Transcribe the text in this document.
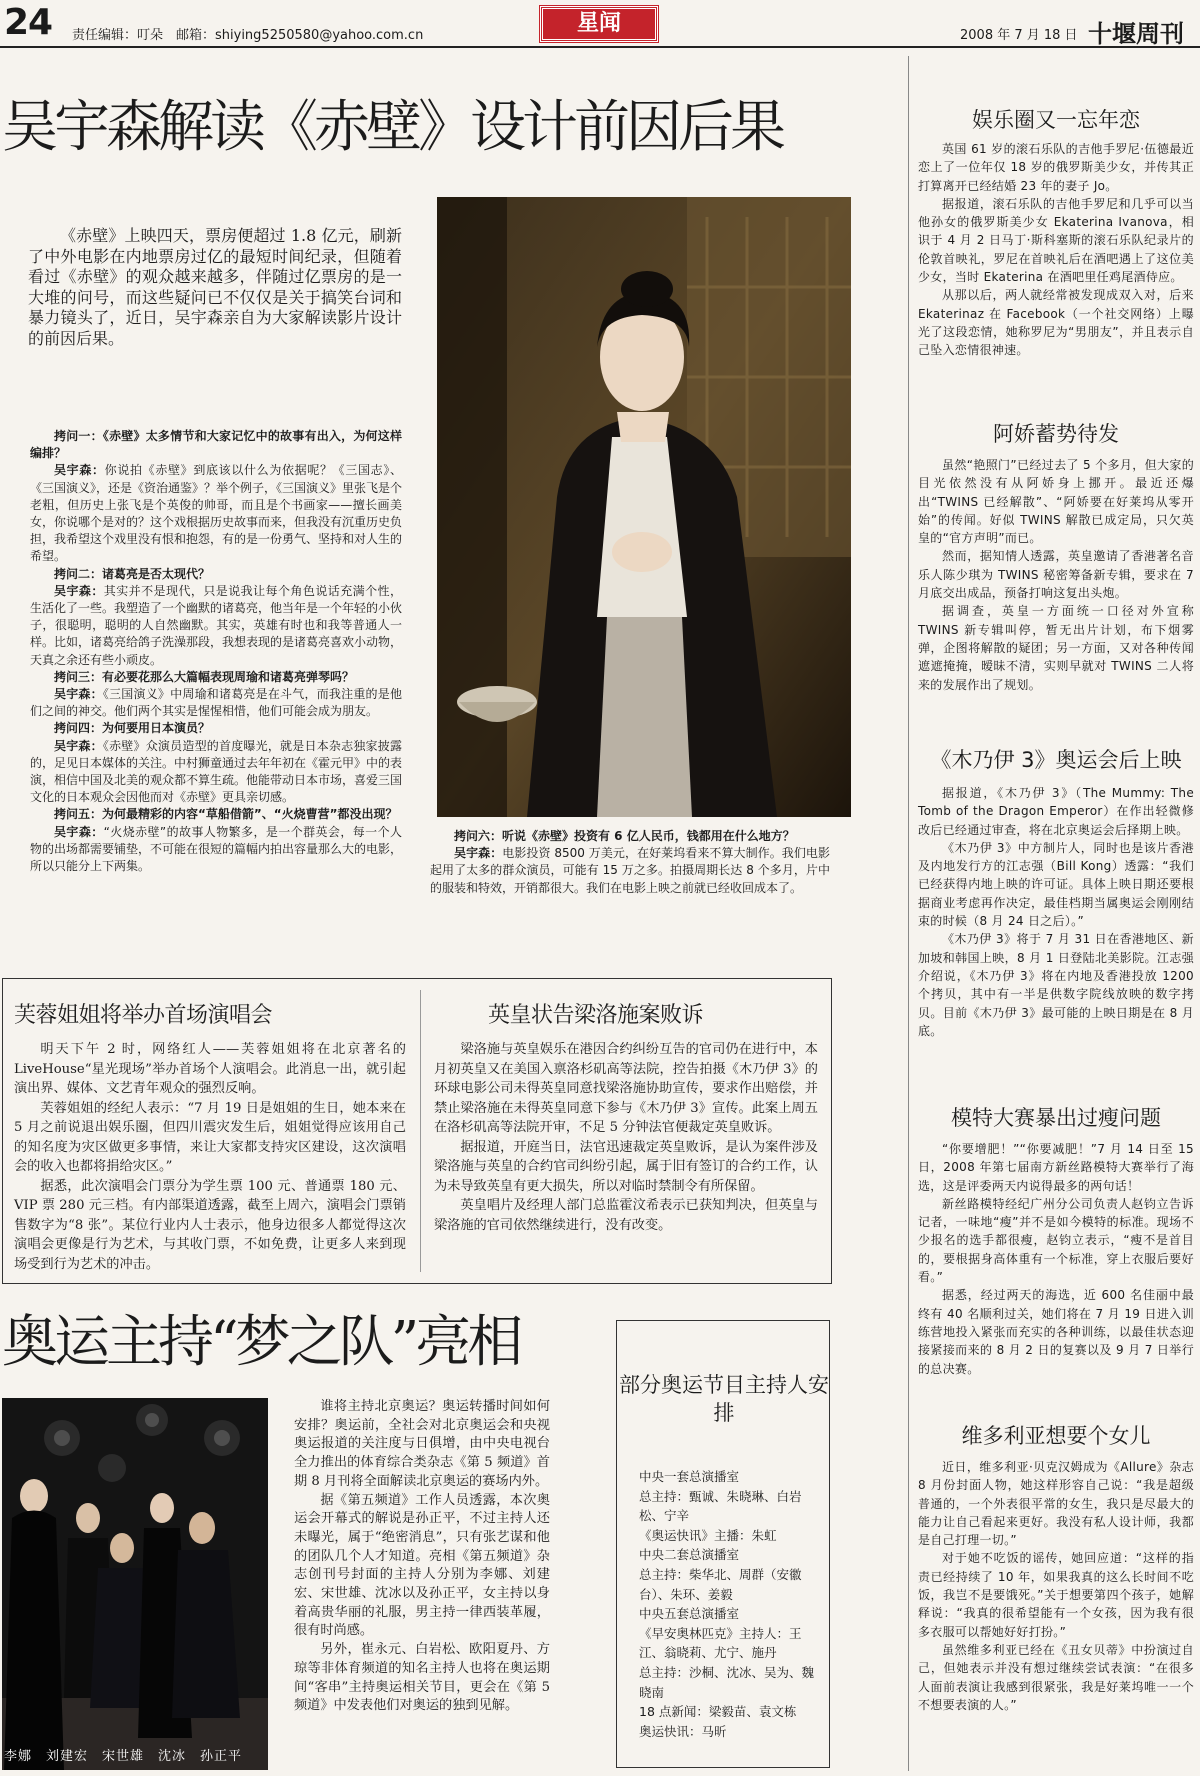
24 责任编辑：叮朵　邮箱：shiying5250580@yahoo.com.cn	星闻	2008 年 7 月 18 日 十堰周刊
吴宇森解读《赤壁》设计前因后果

《赤壁》上映四天，票房便超过 1.8 亿元，刷新了中外电影在内地票房过亿的最短时间纪录，但随着看过《赤壁》的观众越来越多，伴随过亿票房的是一大堆的问号，而这些疑问已不仅仅是关于搞笑台词和暴力镜头了，近日，吴宇森亲自为大家解读影片设计的前因后果。

拷问一：《赤壁》太多情节和大家记忆中的故事有出入，为何这样编排？

吴宇森：你说拍《赤壁》到底该以什么为依据呢？《三国志》、《三国演义》，还是《资治通鉴》？举个例子，《三国演义》里张飞是个老粗，但历史上张飞是个英俊的帅哥，而且是个书画家——擅长画美女，你说哪个是对的？这个戏根据历史故事而来，但我没有沉重历史负担，我希望这个戏里没有恨和抱怨，有的是一份勇气、坚持和对人生的希望。

拷问二：诸葛亮是否太现代？

吴宇森：其实并不是现代，只是说我让每个角色说话充满个性，生活化了一些。我塑造了一个幽默的诸葛亮，他当年是一个年轻的小伙子，很聪明，聪明的人自然幽默。其实，英雄有时也和我等普通人一样。比如，诸葛亮给鸽子洗澡那段，我想表现的是诸葛亮喜欢小动物，天真之余还有些小顽皮。

拷问三：有必要花那么大篇幅表现周瑜和诸葛亮弹琴吗？

吴宇森：《三国演义》中周瑜和诸葛亮是在斗气，而我注重的是他们之间的神交。他们两个其实是惺惺相惜，他们可能会成为朋友。

拷问四：为何要用日本演员？

吴宇森：《赤壁》众演员造型的首度曝光，就是日本杂志独家披露的，足见日本媒体的关注。中村狮童通过去年年初在《霍元甲》中的表演，相信中国及北美的观众都不算生疏。他能带动日本市场，喜爱三国文化的日本观众会因他而对《赤壁》更具亲切感。

拷问五：为何最精彩的内容“草船借箭”、“火烧曹营”都没出现？

吴宇森：“火烧赤壁”的故事人物繁多，是一个群英会，每一个人物的出场都需要铺垫，不可能在很短的篇幅内拍出容量那么大的电影，所以只能分上下两集。

拷问六：听说《赤壁》投资有 6 亿人民币，钱都用在什么地方？

吴宇森：电影投资 8500 万美元，在好莱坞看来不算大制作。我们电影起用了太多的群众演员，可能有 15 万之多。拍摄周期长达 8 个多月，片中的服装和特效，开销都很大。我们在电影上映之前就已经收回成本了。

芙蓉姐姐将举办首场演唱会

明天下午 2 时，网络红人——芙蓉姐姐将在北京著名的 LiveHouse“星光现场”举办首场个人演唱会。此消息一出，就引起演出界、媒体、文艺青年观众的强烈反响。

芙蓉姐姐的经纪人表示：“7 月 19 日是姐姐的生日，她本来在 5 月之前说退出娱乐圈，但四川震灾发生后，姐姐觉得应该用自己的知名度为灾区做更多事情，来让大家都支持灾区建设，这次演唱会的收入也都将捐给灾区。”

据悉，此次演唱会门票分为学生票 100 元、普通票 180 元、VIP 票 280 元三档。有内部渠道透露，截至上周六，演唱会门票销售数字为“8 张”。某位行业内人士表示，他身边很多人都觉得这次演唱会更像是行为艺术，与其收门票，不如免费，让更多人来到现场受到行为艺术的冲击。

英皇状告梁洛施案败诉

梁洛施与英皇娱乐在港因合约纠纷互告的官司仍在进行中，本月初英皇又在美国入禀洛杉矶高等法院，控告拍摄《木乃伊 3》的环球电影公司未得英皇同意找梁洛施协助宣传，要求作出赔偿，并禁止梁洛施在未得英皇同意下参与《木乃伊 3》宣传。此案上周五在洛杉矶高等法院开审，不足 5 分钟法官便裁定英皇败诉。

据报道，开庭当日，法官迅速裁定英皇败诉，是认为案件涉及梁洛施与英皇的合约官司纠纷引起，属于旧有签订的合约工作，认为未导致英皇有更大损失，所以对临时禁制令有所保留。

英皇唱片及经理人部门总监霍汶希表示已获知判决，但英皇与梁洛施的官司依然继续进行，没有改变。

奥运主持“梦之队”亮相
李娜　刘建宏　宋世雄　沈冰　孙正平

谁将主持北京奥运？奥运转播时间如何安排？奥运前，全社会对北京奥运会和央视奥运报道的关注度与日俱增，由中央电视台全力推出的体育综合类杂志《第 5 频道》首期 8 月刊将全面解读北京奥运的赛场内外。

据《第五频道》工作人员透露，本次奥运会开幕式的解说是孙正平，不过主持人还未曝光，属于“绝密消息”，只有张艺谋和他的团队几个人才知道。亮相《第五频道》杂志创刊号封面的主持人分别为李娜、刘建宏、宋世雄、沈冰以及孙正平，女主持以身着高贵华丽的礼服，男主持一律西装革履，很有时尚感。

另外，崔永元、白岩松、欧阳夏丹、方琼等非体育频道的知名主持人也将在奥运期间“客串”主持奥运相关节目，更会在《第 5 频道》中发表他们对奥运的独到见解。

部分奥运节目主持人安排
中央一套总演播室
总主持：甄诚、朱晓琳、白岩松、宁辛
《奥运快讯》主播：朱虹
中央二套总演播室
总主持：柴华北、周群（安徽台）、朱环、姜毅
中央五套总演播室
《早安奥林匹克》主持人：王江、翁晓莉、尤宁、施丹
总主持：沙桐、沈冰、吴为、魏晓南
18 点新闻：梁毅苗、袁文栋
奥运快讯：马昕
娱乐圈又一忘年恋

英国 61 岁的滚石乐队的吉他手罗尼·伍德最近恋上了一位年仅 18 岁的俄罗斯美少女，并传其正打算离开已经结婚 23 年的妻子 Jo。

据报道，滚石乐队的吉他手罗尼和几乎可以当他孙女的俄罗斯美少女 Ekaterina Ivanova，相识于 4 月 2 日马丁·斯科塞斯的滚石乐队纪录片的伦敦首映礼，罗尼在首映礼后在酒吧遇上了这位美少女，当时 Ekaterina 在酒吧里任鸡尾酒侍应。

从那以后，两人就经常被发现成双入对，后来 Ekaterinaz 在 Facebook（一个社交网络）上曝光了这段恋情，她称罗尼为“男朋友”，并且表示自己坠入恋情很神速。

阿娇蓄势待发

虽然“艳照门”已经过去了 5 个多月，但大家的目光依然没有从阿娇身上挪开。最近还爆出“TWINS 已经解散”、“阿娇要在好莱坞从零开始”的传闻。好似 TWINS 解散已成定局，只欠英皇的“官方声明”而已。

然而，据知情人透露，英皇邀请了香港著名音乐人陈少琪为 TWINS 秘密筹备新专辑，要求在 7 月底交出成品，预备打响这复出头炮。

据调查，英皇一方面统一口径对外宣称 TWINS 新专辑叫停，暂无出片计划，布下烟雾弹，企图将解散的疑团；另一方面，又对各种传闻遮遮掩掩，暧昧不清，实则早就对 TWINS 二人将来的发展作出了规划。

《木乃伊 3》奥运会后上映

据报道，《木乃伊 3》（The Mummy: The Tomb of the Dragon Emperor）在作出轻微修改后已经通过审查，将在北京奥运会后择期上映。

《木乃伊 3》中方制片人，同时也是该片香港及内地发行方的江志强（Bill Kong）透露：“我们已经获得内地上映的许可证。具体上映日期还要根据商业考虑再作决定，最佳档期当属奥运会刚刚结束的时候（8 月 24 日之后）。”

《木乃伊 3》将于 7 月 31 日在香港地区、新加坡和韩国上映，8 月 1 日登陆北美影院。江志强介绍说，《木乃伊 3》将在内地及香港投放 1200 个拷贝，其中有一半是供数字院线放映的数字拷贝。目前《木乃伊 3》最可能的上映日期是在 8 月底。

模特大赛暴出过瘦问题

“你要增肥！”“你要减肥！”7 月 14 日至 15 日，2008 年第七届南方新丝路模特大赛举行了海选，这是评委两天内说得最多的两句话！

新丝路模特经纪广州分公司负责人赵钧立告诉记者，一味地“瘦”并不是如今模特的标准。现场不少报名的选手都很瘦，赵钧立表示，“瘦不是首目的，要根据身高体重有一个标准，穿上衣服后要好看。”

据悉，经过两天的海选，近 600 名佳丽中最终有 40 名顺利过关，她们将在 7 月 19 日进入训练营地投入紧张而充实的各种训练，以最佳状态迎接紧接而来的 8 月 2 日的复赛以及 9 月 7 日举行的总决赛。

维多利亚想要个女儿

近日，维多利亚·贝克汉姆成为《Allure》杂志 8 月份封面人物，她这样形容自己说：“我是超级普通的，一个外表很平常的女生，我只是尽最大的能力让自己看起来更好。我没有私人设计师，我都是自己打理一切。”

对于她不吃饭的谣传，她回应道：“这样的指责已经持续了 10 年，如果我真的这么长时间不吃饭，我岂不是要饿死。”关于想要第四个孩子，她解释说：“我真的很希望能有一个女孩，因为我有很多衣服可以帮她好好打扮。”

虽然维多利亚已经在《丑女贝蒂》中扮演过自己，但她表示并没有想过继续尝试表演：“在很多人面前表演让我感到很紧张，我是好莱坞唯一一个不想要表演的人。”
